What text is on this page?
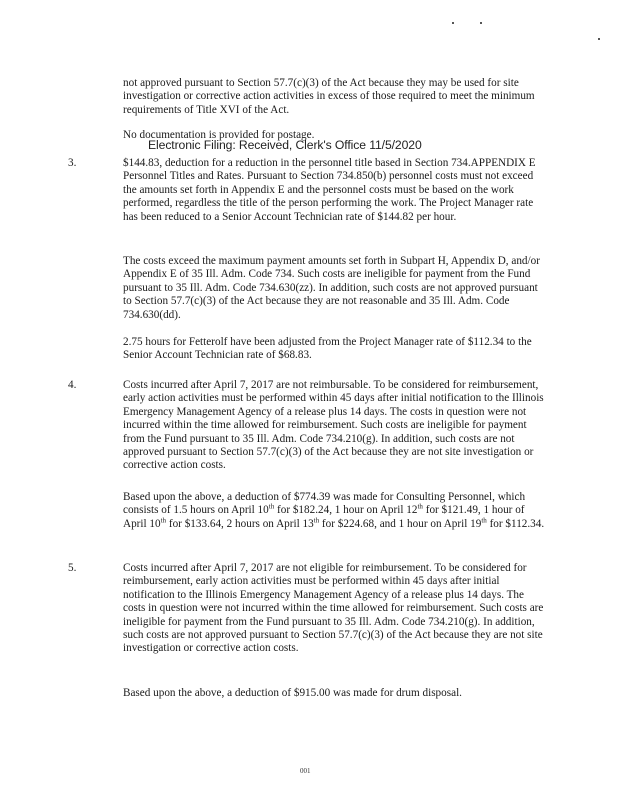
not approved pursuant to Section 57.7(c)(3) of the Act because they may be used for site investigation or corrective action activities in excess of those required to meet the minimum requirements of Title XVI of the Act.

No documentation is provided for postage.

Electronic Filing: Received, Clerk's Office 11/5/2020
3.	$144.83, deduction for a reduction in the personnel title based in Section 734.APPENDIX E Personnel Titles and Rates. Pursuant to Section 734.850(b) personnel costs must not exceed the amounts set forth in Appendix E and the personnel costs must be based on the work performed, regardless the title of the person performing the work. The Project Manager rate has been reduced to a Senior Account Technician rate of $144.82 per hour.

The costs exceed the maximum payment amounts set forth in Subpart H, Appendix D, and/or Appendix E of 35 Ill. Adm. Code 734. Such costs are ineligible for payment from the Fund pursuant to 35 Ill. Adm. Code 734.630(zz). In addition, such costs are not approved pursuant to Section 57.7(c)(3) of the Act because they are not reasonable and 35 Ill. Adm. Code 734.630(dd).

2.75 hours for Fetterolf have been adjusted from the Project Manager rate of $112.34 to the Senior Account Technician rate of $68.83.

4.	Costs incurred after April 7, 2017 are not reimbursable. To be considered for reimbursement, early action activities must be performed within 45 days after initial notification to the Illinois Emergency Management Agency of a release plus 14 days. The costs in question were not incurred within the time allowed for reimbursement. Such costs are ineligible for payment from the Fund pursuant to 35 Ill. Adm. Code 734.210(g). In addition, such costs are not approved pursuant to Section 57.7(c)(3) of the Act because they are not site investigation or corrective action costs.

Based upon the above, a deduction of $774.39 was made for Consulting Personnel, which consists of 1.5 hours on April 10th for $182.24, 1 hour on April 12th for $121.49, 1 hour of April 10th for $133.64, 2 hours on April 13th for $224.68, and 1 hour on April 19th for $112.34.

5.	Costs incurred after April 7, 2017 are not eligible for reimbursement. To be considered for reimbursement, early action activities must be performed within 45 days after initial notification to the Illinois Emergency Management Agency of a release plus 14 days. The costs in question were not incurred within the time allowed for reimbursement. Such costs are ineligible for payment from the Fund pursuant to 35 Ill. Adm. Code 734.210(g). In addition, such costs are not approved pursuant to Section 57.7(c)(3) of the Act because they are not site investigation or corrective action costs.

Based upon the above, a deduction of $915.00 was made for drum disposal.

001
